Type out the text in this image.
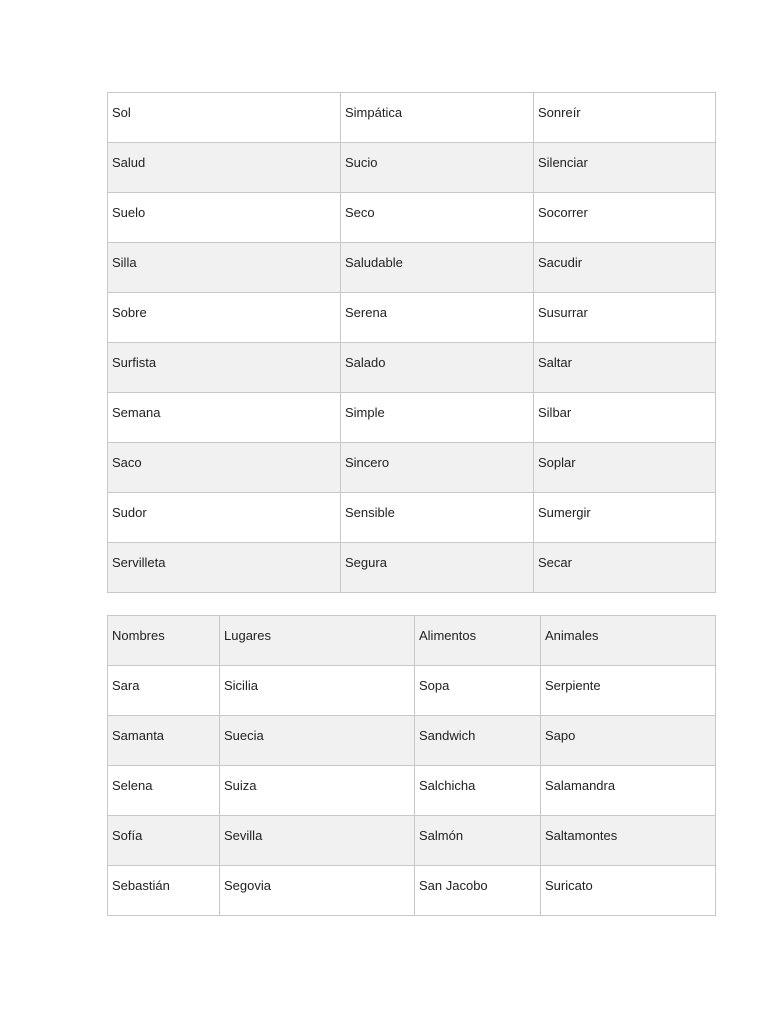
Sol	Simpática	Sonreír
Salud	Sucio	Silenciar
Suelo	Seco	Socorrer
Silla	Saludable	Sacudir
Sobre	Serena	Susurrar
Surfista	Salado	Saltar
Semana	Simple	Silbar
Saco	Sincero	Soplar
Sudor	Sensible	Sumergir
Servilleta	Segura	Secar
Nombres	Lugares	Alimentos	Animales
Sara	Sicilia	Sopa	Serpiente
Samanta	Suecia	Sandwich	Sapo
Selena	Suiza	Salchicha	Salamandra
Sofía	Sevilla	Salmón	Saltamontes
Sebastián	Segovia	San Jacobo	Suricato
